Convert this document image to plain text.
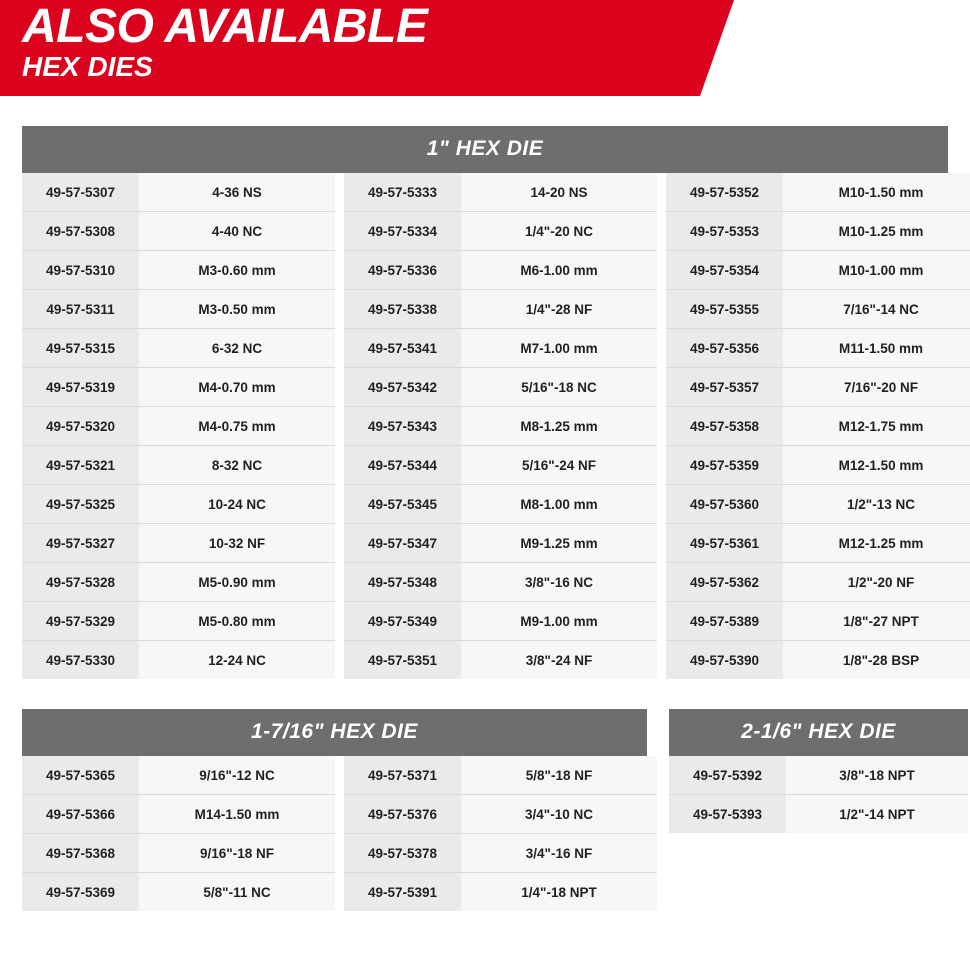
ALSO AVAILABLE
HEX DIES
1" HEX DIE
49-57-5307	4-36 NS		49-57-5333	14-20 NS		49-57-5352	M10-1.50 mm
49-57-5308	4-40 NC		49-57-5334	1/4"-20 NC		49-57-5353	M10-1.25 mm
49-57-5310	M3-0.60 mm		49-57-5336	M6-1.00 mm		49-57-5354	M10-1.00 mm
49-57-5311	M3-0.50 mm		49-57-5338	1/4"-28 NF		49-57-5355	7/16"-14 NC
49-57-5315	6-32 NC		49-57-5341	M7-1.00 mm		49-57-5356	M11-1.50 mm
49-57-5319	M4-0.70 mm		49-57-5342	5/16"-18 NC		49-57-5357	7/16"-20 NF
49-57-5320	M4-0.75 mm		49-57-5343	M8-1.25 mm		49-57-5358	M12-1.75 mm
49-57-5321	8-32 NC		49-57-5344	5/16"-24 NF		49-57-5359	M12-1.50 mm
49-57-5325	10-24 NC		49-57-5345	M8-1.00 mm		49-57-5360	1/2"-13 NC
49-57-5327	10-32 NF		49-57-5347	M9-1.25 mm		49-57-5361	M12-1.25 mm
49-57-5328	M5-0.90 mm		49-57-5348	3/8"-16 NC		49-57-5362	1/2"-20 NF
49-57-5329	M5-0.80 mm		49-57-5349	M9-1.00 mm		49-57-5389	1/8"-27 NPT
49-57-5330	12-24 NC		49-57-5351	3/8"-24 NF		49-57-5390	1/8"-28 BSP
1-7/16" HEX DIE
49-57-5365	9/16"-12 NC		49-57-5371	5/8"-18 NF
49-57-5366	M14-1.50 mm		49-57-5376	3/4"-10 NC
49-57-5368	9/16"-18 NF		49-57-5378	3/4"-16 NF
49-57-5369	5/8"-11 NC		49-57-5391	1/4"-18 NPT
2-1/6" HEX DIE
49-57-5392	3/8"-18 NPT
49-57-5393	1/2"-14 NPT
